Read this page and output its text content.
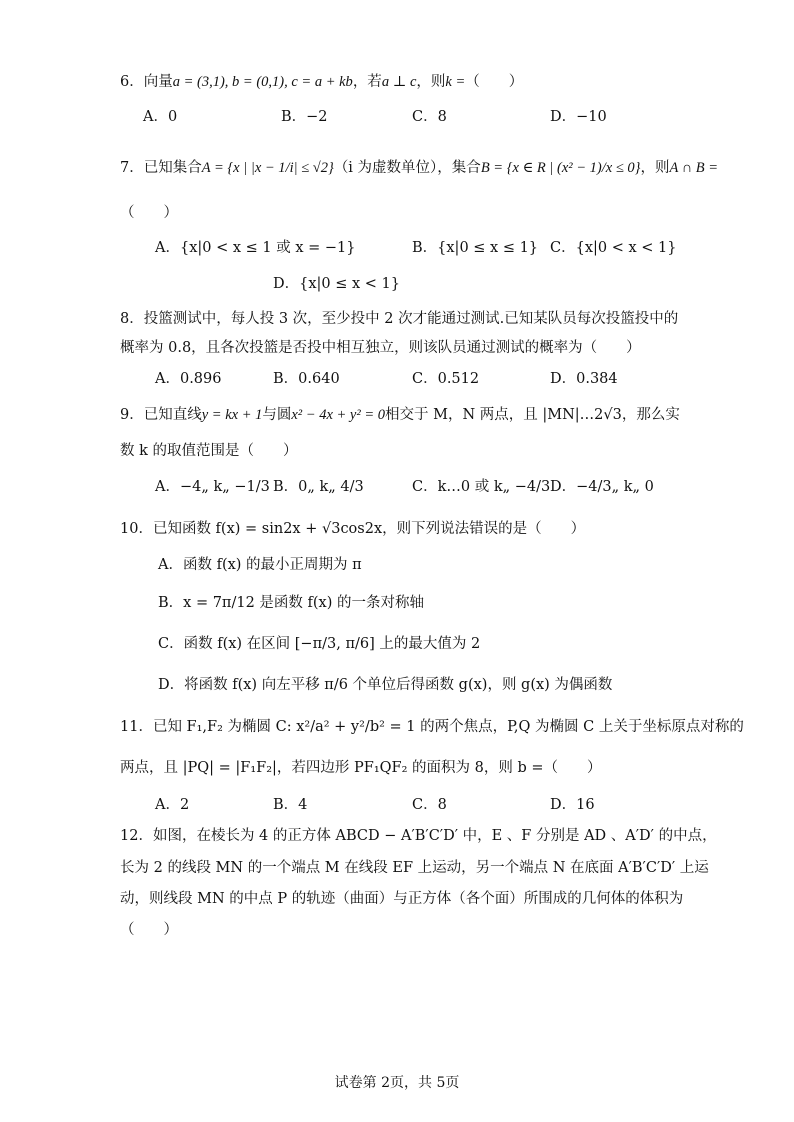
6．向量a = (3,1), b = (0,1), c = a + kb，若a ⊥ c，则k =（　　）
A．0	B．−2	C．8	D．−10
7．已知集合A = {x | |x − 1/i| ≤ √2}（i 为虚数单位），集合B = {x ∈ R | (x² − 1)/x ≤ 0}，则A ∩ B =
（　　）
A．{x|0 < x ≤ 1 或 x = −1}	B．{x|0 ≤ x ≤ 1} C．{x|0 < x < 1}
D．{x|0 ≤ x < 1}
8．投篮测试中，每人投 3 次，至少投中 2 次才能通过测试.已知某队员每次投篮投中的
概率为 0.8，且各次投篮是否投中相互独立，则该队员通过测试的概率为（　　）
A．0.896	B．0.640	C．0.512	D．0.384
9．已知直线y = kx + 1与圆x² − 4x + y² = 0相交于 M，N 两点，且 |MN|…2√3，那么实
数 k 的取值范围是（　　）
A．−4„ k„ −1/3 B．0„ k„ 4/3	C．k…0 或 k„ −4/3 D．−4/3„ k„ 0
10．已知函数 f(x) = sin2x + √3cos2x，则下列说法错误的是（　　）
A．函数 f(x) 的最小正周期为 π
B．x = 7π/12 是函数 f(x) 的一条对称轴
C．函数 f(x) 在区间 [−π/3, π/6] 上的最大值为 2
D．将函数 f(x) 向左平移 π/6 个单位后得函数 g(x)，则 g(x) 为偶函数
11．已知 F₁,F₂ 为椭圆 C: x²/a² + y²/b² = 1 的两个焦点，P,Q 为椭圆 C 上关于坐标原点对称的
两点，且 |PQ| = |F₁F₂|，若四边形 PF₁QF₂ 的面积为 8，则 b =（　　）
A．2	B．4	C．8	D．16
12．如图，在棱长为 4 的正方体 ABCD − A′B′C′D′ 中，E 、F 分别是 AD 、A′D′ 的中点，
长为 2 的线段 MN 的一个端点 M 在线段 EF 上运动，另一个端点 N 在底面 A′B′C′D′ 上运
动，则线段 MN 的中点 P 的轨迹（曲面）与正方体（各个面）所围成的几何体的体积为
（　　）
试卷第 2页，共 5页
